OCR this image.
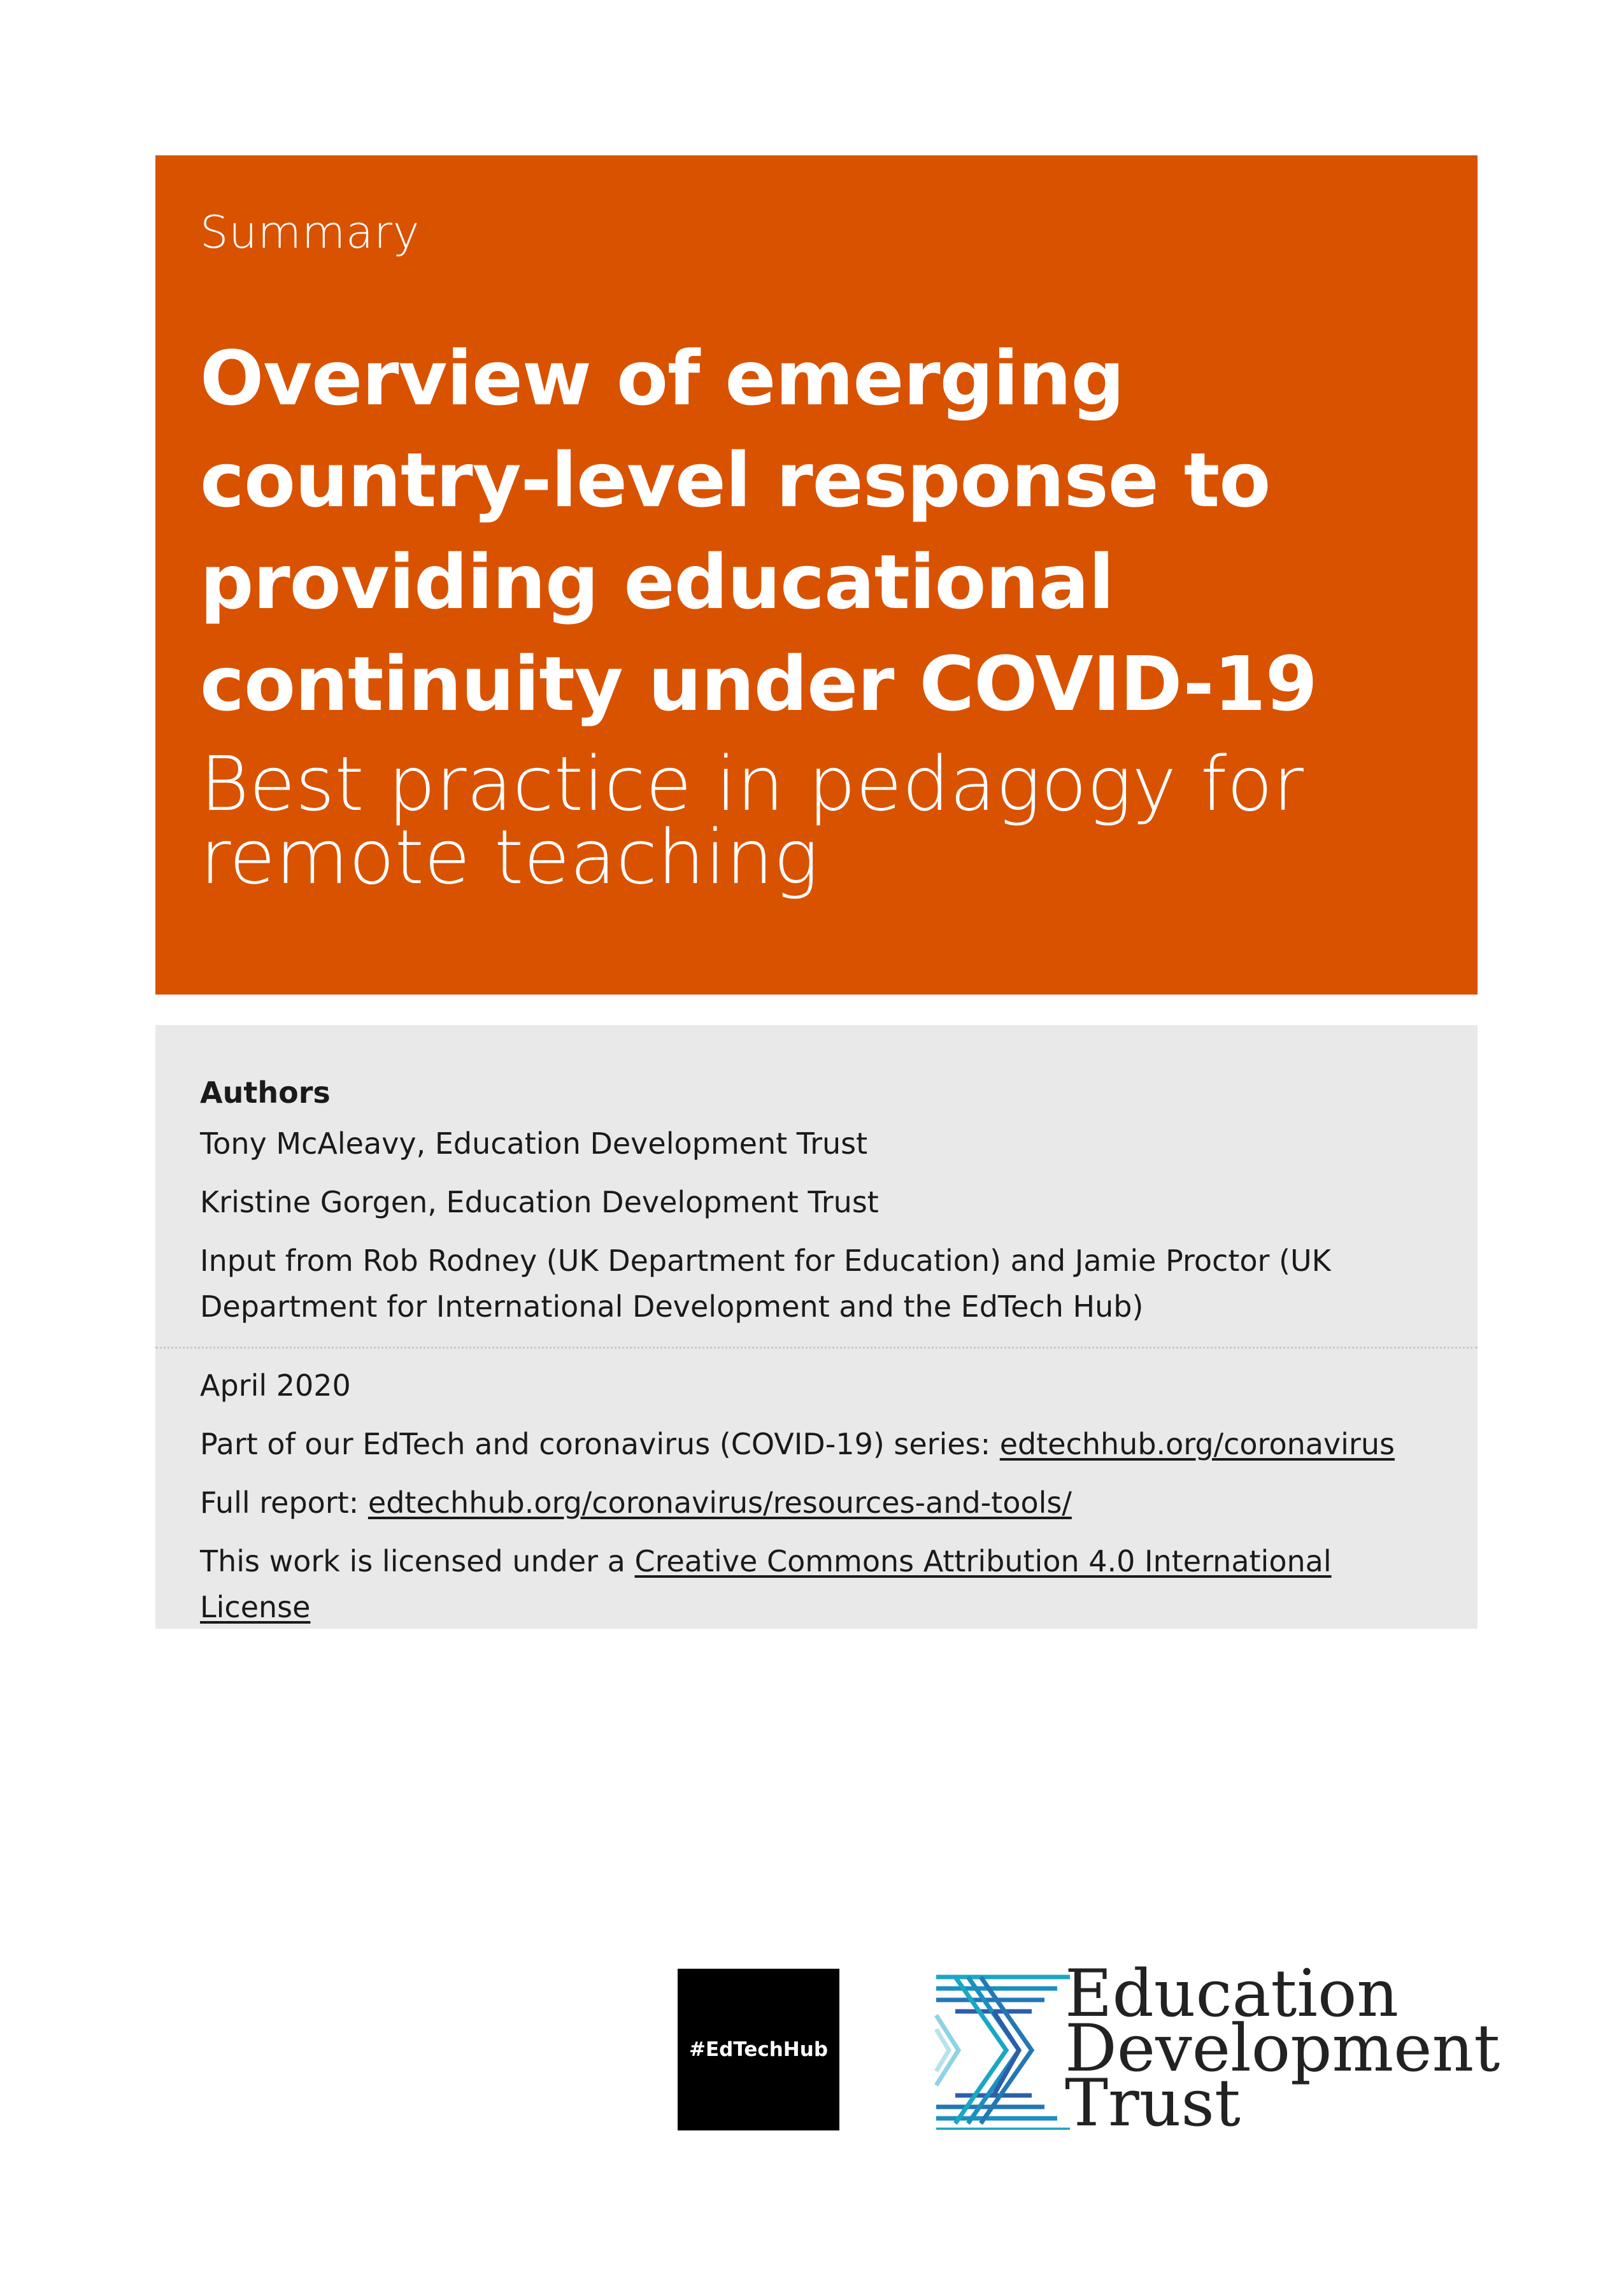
Summary
Overview of emerging country-level response to providing educational continuity under COVID-19

Best practice in pedagogy for remote teaching

Authors

Tony McAleavy, Education Development Trust

Kristine Gorgen, Education Development Trust

Input from Rob Rodney (UK Department for Education) and Jamie Proctor (UK Department for International Development and the EdTech Hub)

April 2020

Part of our EdTech and coronavirus (COVID-19) series: edtechhub.org/coronavirus

Full report: edtechhub.org/coronavirus/resources-and-tools/

This work is licensed under a Creative Commons Attribution 4.0 International License

#EdTechHub
Education
Development
Trust
